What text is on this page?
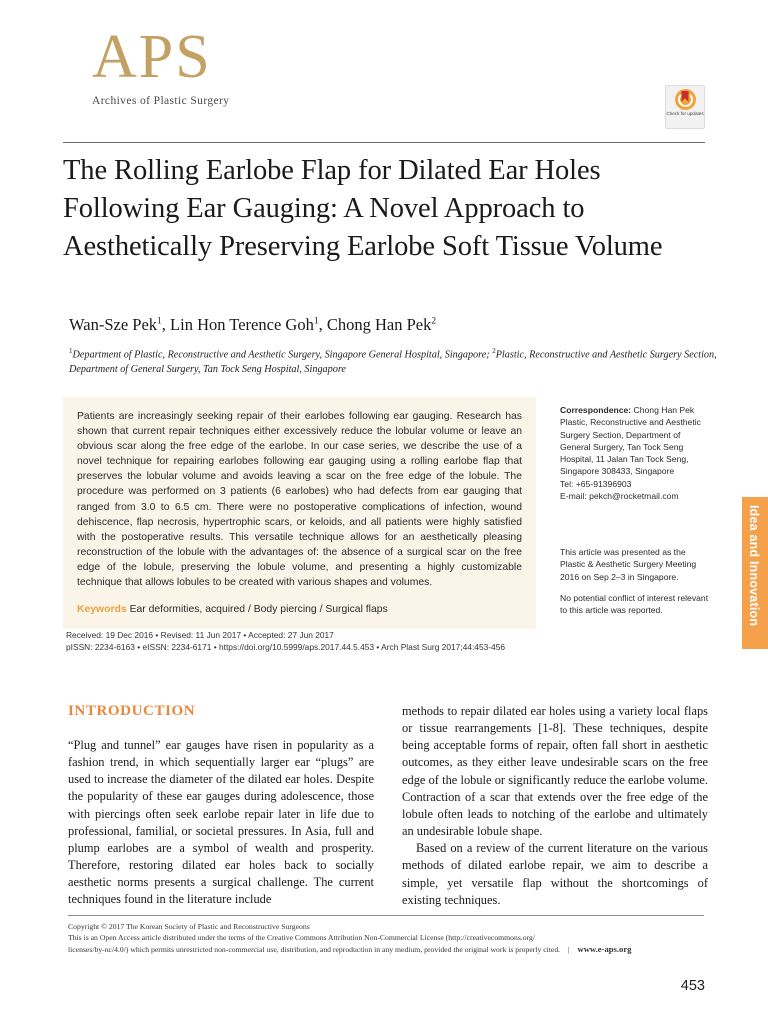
APS
Archives of Plastic Surgery
Check for updates
The Rolling Earlobe Flap for Dilated Ear Holes Following Ear Gauging: A Novel Approach to Aesthetically Preserving Earlobe Soft Tissue Volume
Wan-Sze Pek$^1$, Lin Hon Terence Goh$^1$, Chong Han Pek$^2$
$^1$Department of Plastic, Reconstructive and Aesthetic Surgery, Singapore General Hospital, Singapore; $^2$Plastic, Reconstructive and Aesthetic Surgery Section, Department of General Surgery, Tan Tock Seng Hospital, Singapore
Patients are increasingly seeking repair of their earlobes following ear gauging. Research has shown that current repair techniques either excessively reduce the lobular volume or leave an obvious scar along the free edge of the earlobe. In our case series, we describe the use of a novel technique for repairing earlobes following ear gauging using a rolling earlobe flap that preserves the lobular volume and avoids leaving a scar on the free edge of the lobule. The procedure was performed on 3 patients (6 earlobes) who had defects from ear gauging that ranged from 3.0 to 6.5 cm. There were no postoperative complications of infection, wound dehiscence, flap necrosis, hypertrophic scars, or keloids, and all patients were highly satisfied with the postoperative results. This versatile technique allows for an aesthetically pleasing reconstruction of the lobule with the advantages of: the absence of a surgical scar on the free edge of the lobule, preserving the lobule volume, and presenting a highly customizable technique that allows lobules to be created with various shapes and volumes.
Keywords Ear deformities, acquired / Body piercing / Surgical flaps
Received: 19 Dec 2016 • Revised: 11 Jun 2017 • Accepted: 27 Jun 2017
pISSN: 2234-6163 • eISSN: 2234-6171 • https://doi.org/10.5999/aps.2017.44.5.453 • Arch Plast Surg 2017;44:453-456
Correspondence: Chong Han Pek Plastic, Reconstructive and Aesthetic Surgery Section, Department of General Surgery, Tan Tock Seng Hospital, 11 Jalan Tan Tock Seng, Singapore 308433, Singapore
Tel: +65-91396903
E-mail: pekch@rocketmail.com
This article was presented as the Plastic & Aesthetic Surgery Meeting 2016 on Sep 2–3 in Singapore.
No potential conflict of interest relevant to this article was reported.	Idea and Innovation
INTRODUCTION

“Plug and tunnel” ear gauges have risen in popularity as a fashion trend, in which sequentially larger ear “plugs” are used to increase the diameter of the dilated ear holes. Despite the popularity of these ear gauges during adolescence, those with piercings often seek earlobe repair later in life due to professional, familial, or societal pressures. In Asia, full and plump earlobes are a symbol of wealth and prosperity. Therefore, restoring dilated ear holes back to socially aesthetic norms presents a surgical challenge. The current techniques found in the literature include

methods to repair dilated ear holes using a variety local flaps or tissue rearrangements [1-8]. These techniques, despite being acceptable forms of repair, often fall short in aesthetic outcomes, as they either leave undesirable scars on the free edge of the lobule or significantly reduce the earlobe volume. Contraction of a scar that extends over the free edge of the lobule often leads to notching of the earlobe and ultimately an undesirable lobule shape.

Based on a review of the current literature on the various methods of dilated earlobe repair, we aim to describe a simple, yet versatile flap without the shortcomings of existing techniques.

Copyright © 2017 The Korean Society of Plastic and Reconstructive Surgeons
This is an Open Access article distributed under the terms of the Creative Commons Attribution Non-Commercial License (http://creativecommons.org/
licenses/by-nc/4.0/) which permits unrestricted non-commercial use, distribution, and reproduction in any medium, provided the original work is properly cited. | www.e-aps.org
453
